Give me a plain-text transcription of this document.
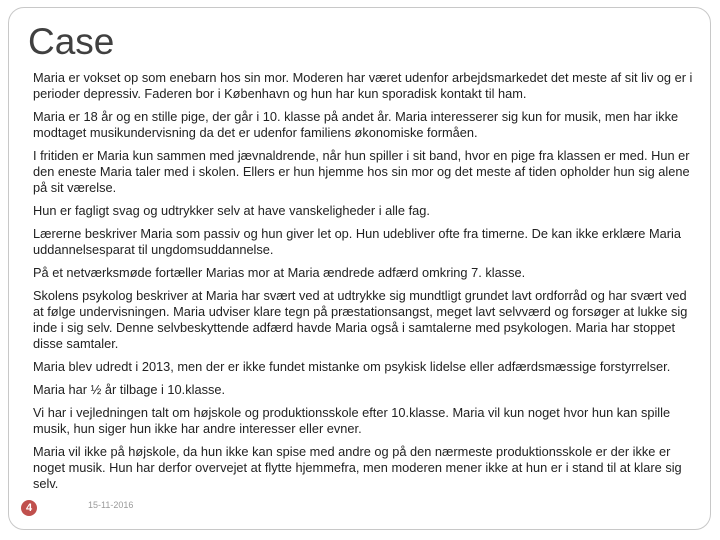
Case

Maria er vokset op som enebarn hos sin mor. Moderen har været udenfor arbejdsmarkedet det meste af sit liv og er i perioder depressiv. Faderen bor i København og hun har kun sporadisk kontakt til ham.

Maria er 18 år og en stille pige, der går i 10. klasse på andet år. Maria interesserer sig kun for musik, men har ikke modtaget musikundervisning da det er udenfor familiens økonomiske formåen.

I fritiden er Maria kun sammen med jævnaldrende, når hun spiller i sit band, hvor en pige fra klassen er med. Hun er den eneste Maria taler med i skolen. Ellers er hun hjemme hos sin mor og det meste af tiden opholder hun sig alene på sit værelse.

Hun er fagligt svag og udtrykker selv at have vanskeligheder i alle fag.

Lærerne beskriver Maria som passiv og hun giver let op. Hun udebliver ofte fra timerne. De kan ikke erklære Maria uddannelsesparat til ungdomsuddannelse.

På et netværksmøde fortæller Marias mor at Maria ændrede adfærd omkring 7. klasse.

Skolens psykolog beskriver at Maria har svært ved at udtrykke sig mundtligt grundet lavt ordforråd og har svært ved at følge undervisningen. Maria udviser klare tegn på præstationsangst, meget lavt selvværd og forsøger at lukke sig inde i sig selv. Denne selvbeskyttende adfærd havde Maria også i samtalerne med psykologen. Maria har stoppet disse samtaler.

Maria blev udredt i 2013, men der er ikke fundet mistanke om psykisk lidelse eller adfærdsmæssige forstyrrelser.

Maria har ½ år tilbage i 10.klasse.

Vi har i vejledningen talt om højskole og produktionsskole efter 10.klasse. Maria vil kun noget hvor hun kan spille musik, hun siger hun ikke har andre interesser eller evner.

Maria vil ikke på højskole, da hun ikke kan spise med andre og på den nærmeste produktionsskole er der ikke er noget musik. Hun har derfor overvejet at flytte hjemmefra, men moderen mener ikke at hun er i stand til at klare sig selv.

15-11-2016
4
